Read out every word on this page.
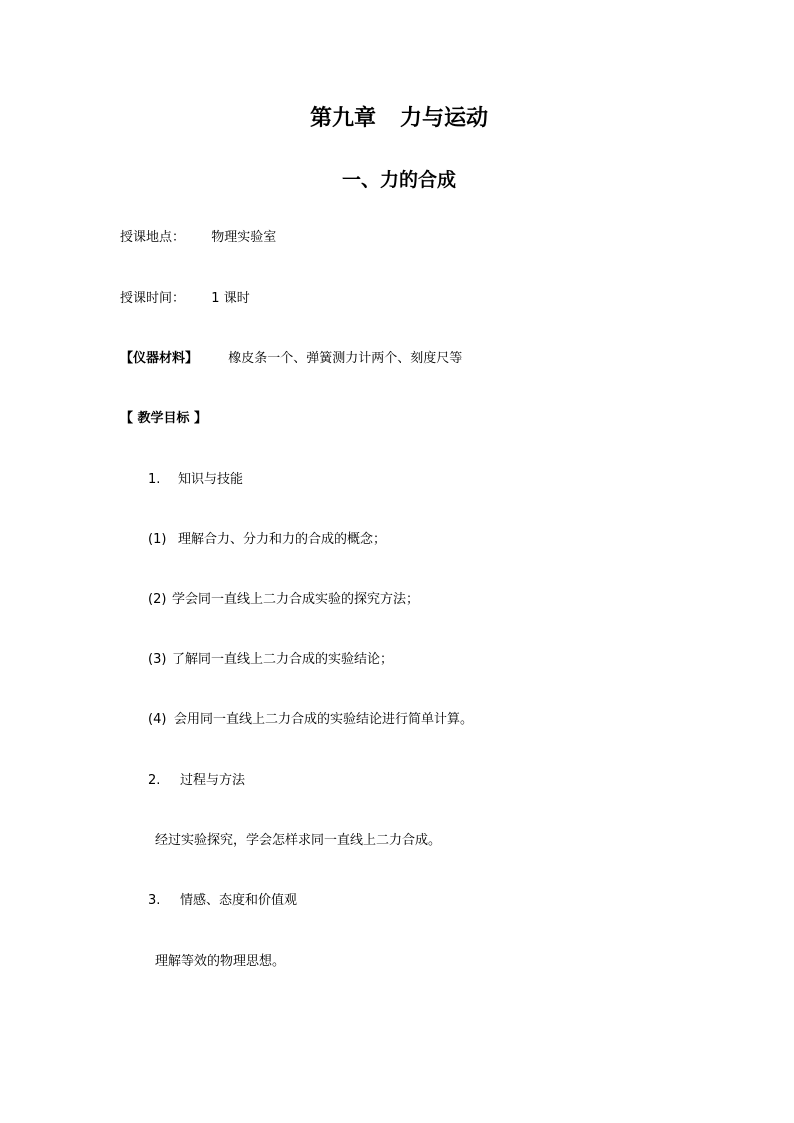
第九章 力与运动
一、力的合成
授课地点： 物理实验室
授课时间： 1 课时
【仪器材料】 橡皮条一个、弹簧测力计两个、刻度尺等
【 教学目标 】
1. 知识与技能
(1) 理解合力、分力和力的合成的概念；
(2) 学会同一直线上二力合成实验的探究方法；
(3) 了解同一直线上二力合成的实验结论；
(4) 会用同一直线上二力合成的实验结论进行简单计算。
2. 过程与方法
经过实验探究，学会怎样求同一直线上二力合成。
3. 情感、态度和价值观
理解等效的物理思想。
